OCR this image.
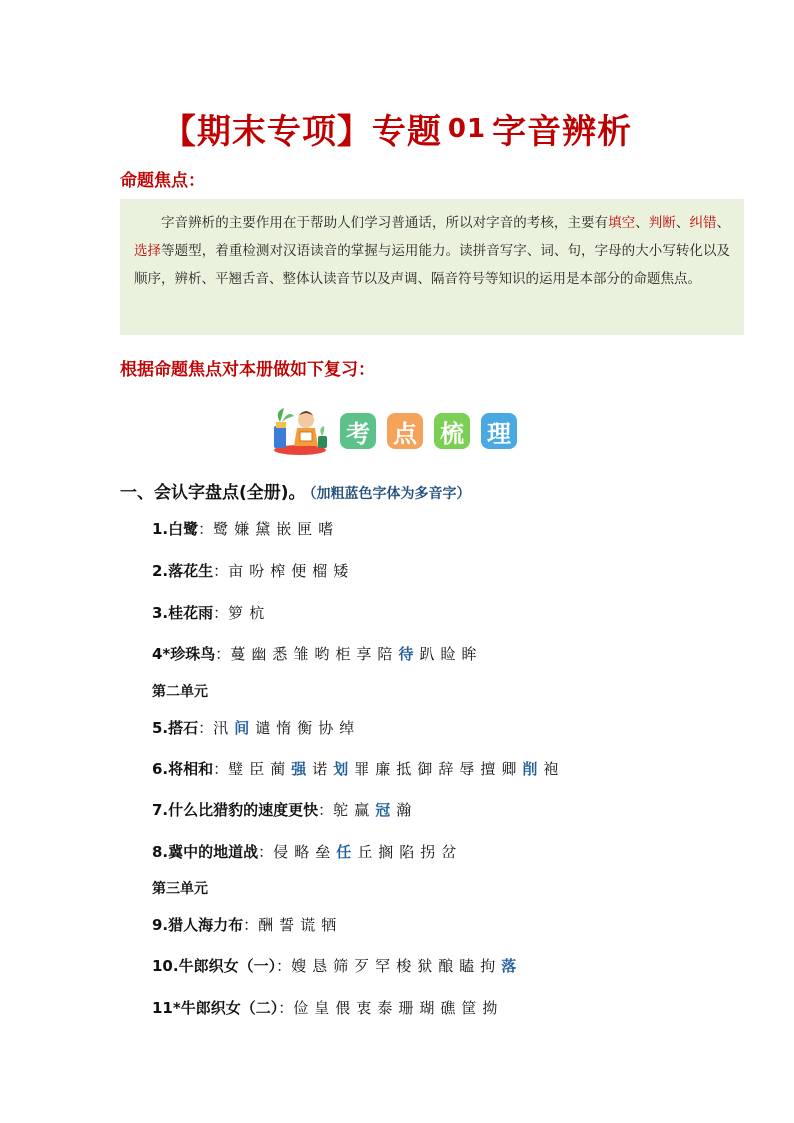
【期末专项】专题 01 字音辨析
命题焦点：
字音辨析的主要作用在于帮助人们学习普通话，所以对字音的考核，主要有填空、判断、纠错、选择等题型，着重检测对汉语读音的掌握与运用能力。读拼音写字、词、句，字母的大小写转化以及顺序，辨析、平翘舌音、整体认读音节以及声调、隔音符号等知识的运用是本部分的命题焦点。
根据命题焦点对本册做如下复习：
考 点 梳 理
一、会认字盘点(全册)。 （加粗蓝色字体为多音字）
1.白鹭：鹭 嫌 黛 嵌 匣 嗜
2.落花生：亩 吩 榨 便 榴 矮
3.桂花雨：箩 杭
4*珍珠鸟：蔓 幽 悉 雏 哟 柜 享 陪 待 趴 睑 眸
第二单元
5.搭石：汛 间 谴 惰 衡 协 绰
6.将相和：璧 臣 蔺 强 诺 划 罪 廉 抵 御 辞 辱 擅 卿 削 袍
7.什么比猎豹的速度更快：鸵 赢 冠 瀚
8.冀中的地道战：侵 略 垒 任 丘 搁 陷 拐 岔
第三单元
9.猎人海力布：酬 誓 谎 牺
10.牛郎织女（一）：嫂 恳 筛 歹 罕 梭 狱 酿 瞌 拘 落
11*牛郎织女（二）：俭 皇 偎 衷 泰 珊 瑚 礁 筐 拗
